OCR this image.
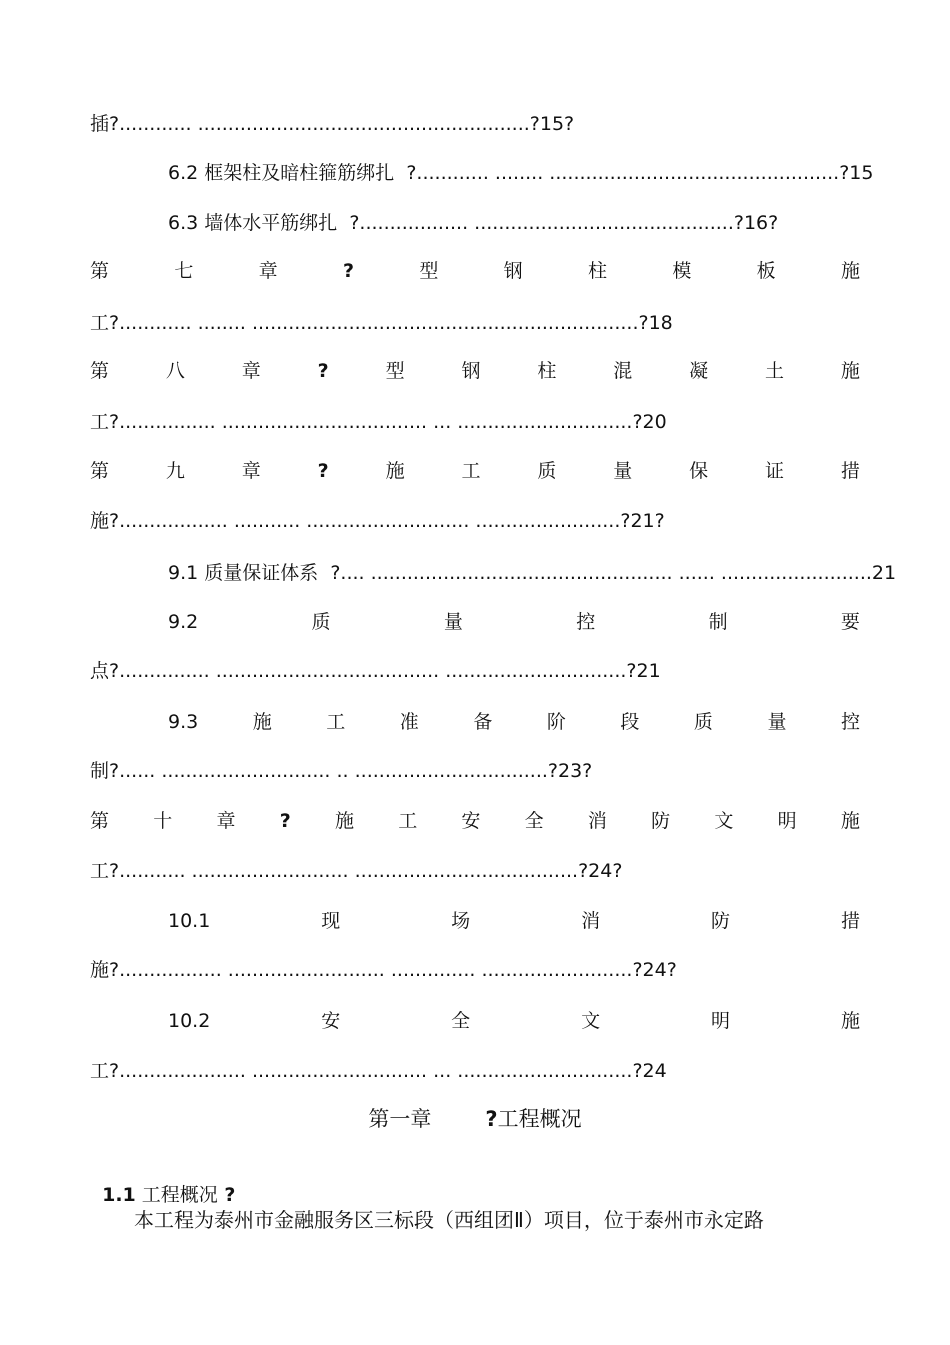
插?............ .......................................................?15?
6.2 框架柱及暗柱箍筋绑扎  ?............ ........ ................................................?15
6.3 墙体水平筋绑扎  ?.................. ...........................................?16?
第	七	章	?	型	钢	柱	模	板	施
工?............ ........ ................................................................?18
第	八	章	?	型	钢	柱	混	凝	土	施
工?................ .................................. ... .............................?20
第	九	章	?	施	工	质	量	保	证	措
施?.................. ........... ........................... ........................?21?
9.1 质量保证体系  ?.... .................................................. ...... .........................21
9.2	质	量	控	制	要
点?............... ..................................... ..............................?21
9.3	施	工	准	备	阶	段	质	量	控
制?...... ............................ .. ................................?23?
第 十 章 ? 施 工 安 全 消 防 文 明 施
工?........... .......................... .....................................?24?
10.1	现	场	消	防	措
施?................. .......................... .............. .........................?24?
10.2	安	全	文	明	施
工?..................... ............................. ... .............................?24
第一章	?工程概况

1.1 工程概况 ?

本工程为泰州市金融服务区三标段（西组团Ⅱ）项目，位于泰州市永定路
